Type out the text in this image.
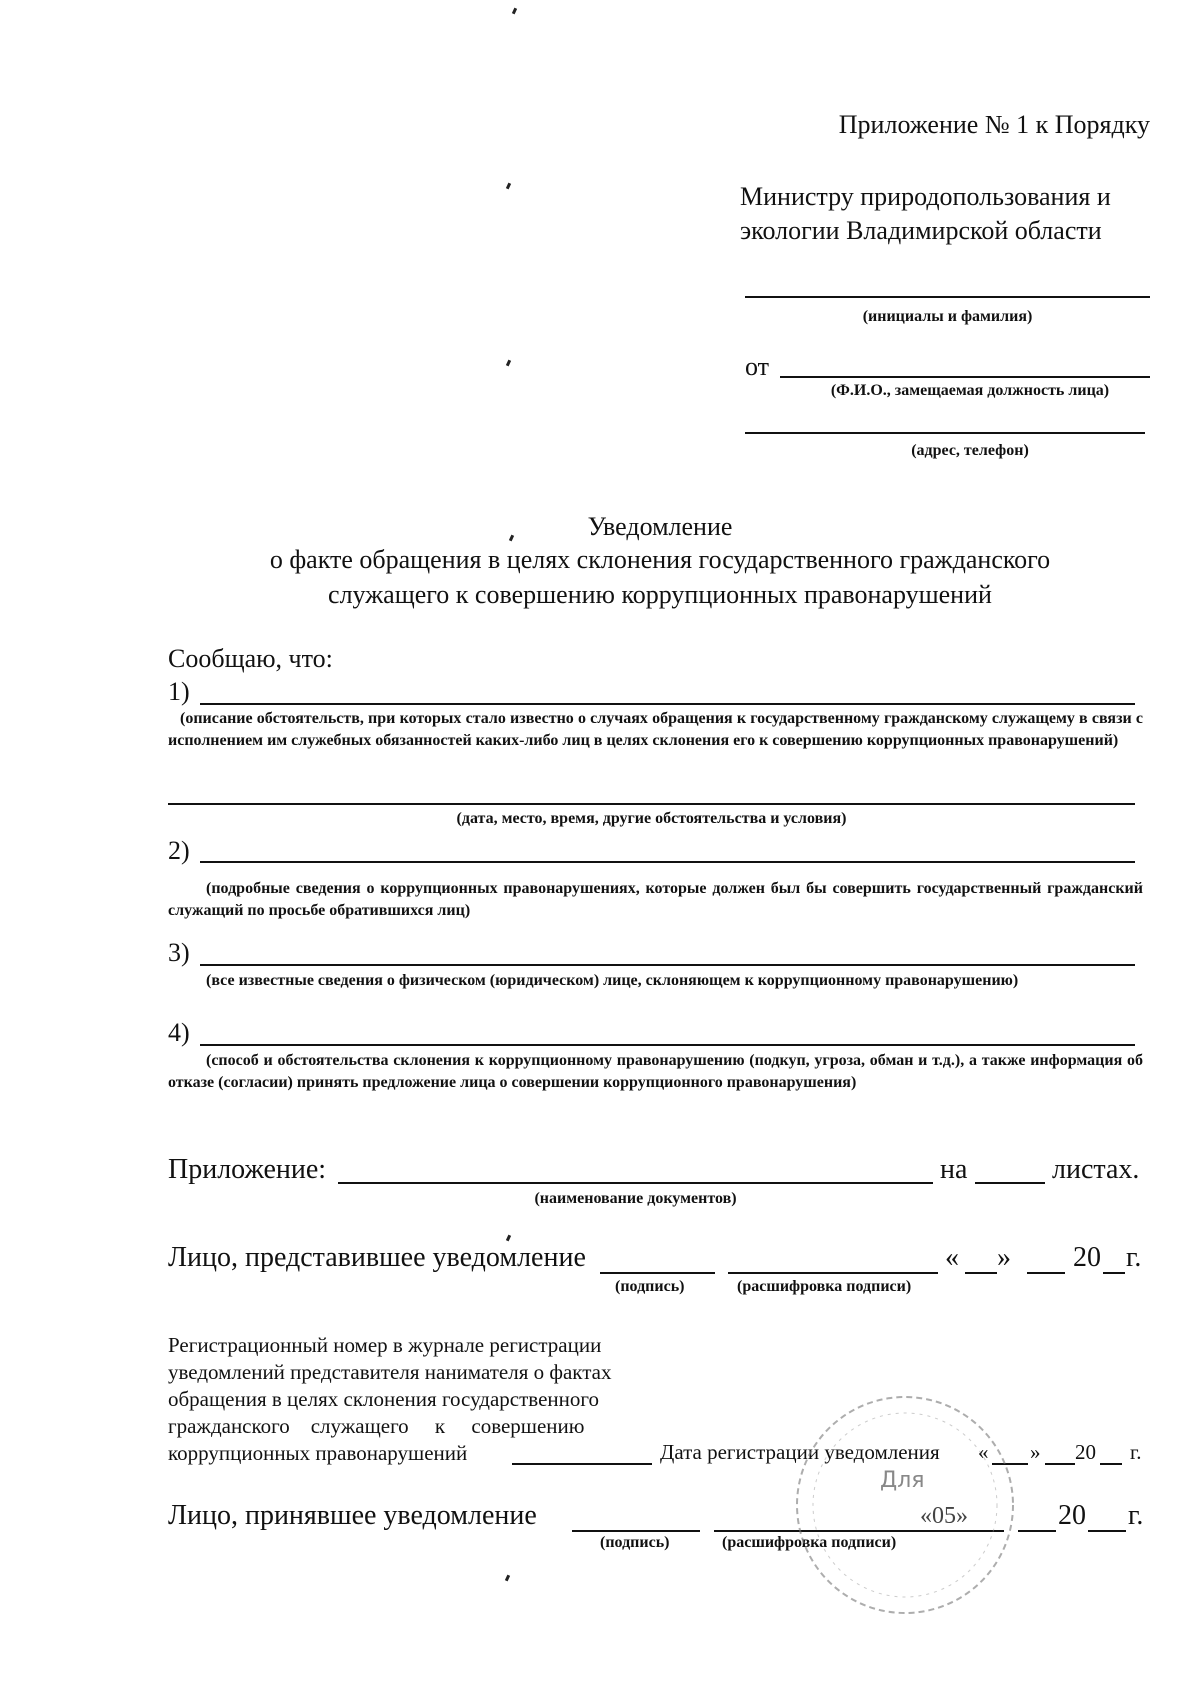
Приложение № 1 к Порядку
Министру природопользования и
экологии Владимирской области
(инициалы и фамилия)
от
(Ф.И.О., замещаемая должность лица)
(адрес, телефон)
Уведомление
о факте обращения в целях склонения государственного гражданского
служащего к совершению коррупционных правонарушений
Сообщаю, что:
1)
(описание обстоятельств, при которых стало известно о случаях обращения к государственному гражданскому служащему в связи с исполнением им служебных обязанностей каких-либо лиц в целях склонения его к совершению коррупционных правонарушений)
(дата, место, время, другие обстоятельства и условия)
2)
(подробные сведения о коррупционных правонарушениях, которые должен был бы совершить государственный гражданский служащий по просьбе обратившихся лиц)
3)
(все известные сведения о физическом (юридическом) лице, склоняющем к коррупционному правонарушению)
4)
(способ и обстоятельства склонения к коррупционному правонарушению (подкуп, угроза, обман и т.д.), а также информация об отказе (согласии) принять предложение лица о совершении коррупционного правонарушения)
Приложение:	на	листах.
(наименование документов)
Лицо, представившее уведомление	« » 20 г.
(подпись)	(расшифровка подписи)
Регистрационный номер в журнале регистрации
уведомлений представителя нанимателя о фактах
обращения в целях склонения государственного
гражданского    служащего     к     совершению
коррупционных правонарушений	Дата регистрации уведомления « » 20 г.
Лицо, принявшее уведомление	20 г.
(подпись)	(расшифровка подписи)
Для
«05»
